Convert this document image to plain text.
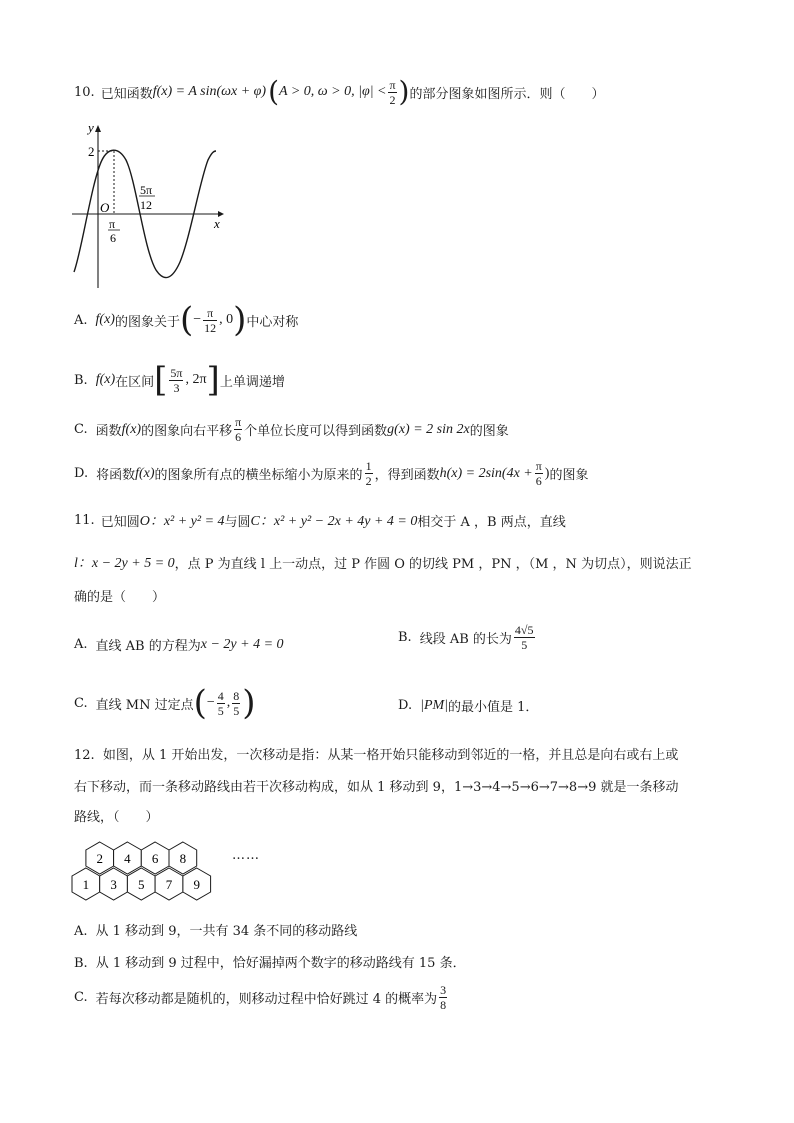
10. 已知函数 f(x) = A sin(ωx + φ) ( A > 0, ω > 0, $|\varphi| < \frac{\pi}{2}$ ) 的部分图象如图所示．则（　　）
y
x
O
2
π
6
5π
12
A. f(x) 的图象关于 ( − $\frac{\pi}{12}$ , 0 ) 中心对称
B. f(x) 在区间 [ $\frac{5\pi}{3}$ , 2π ] 上单调递增
C. 函数 f(x) 的图象向右平移 $\frac{\pi}{6}$ 个单位长度可以得到函数 g(x) = 2 sin 2x 的图象
D. 将函数 f(x) 的图象所有点的横坐标缩小为原来的 $\frac{1}{2}$ ，得到函数 $h(x) = 2\sin(4x + \frac{\pi}{6}$ ) 的图象
11. 已知圆 O：x² + y² = 4 与圆 C：x² + y² − 2x + 4y + 4 = 0 相交于 A ，B 两点，直线
l：x − 2y + 5 = 0 ，点 P 为直线 l 上一动点，过 P 作圆 O 的切线 PM ，PN ，（M ，N 为切点），则说法正
确的是（　　）
A. 直线 AB 的方程为 x − 2y + 4 = 0	B. 线段 AB 的长为 $\frac{4√5}{5}$
C. 直线 MN 过定点 ( − $\frac{4}{5}$ , $\frac{8}{5}$ )	D. |PM| 的最小值是 1．
12. 如图，从 1 开始出发，一次移动是指：从某一格开始只能移动到邻近的一格，并且总是向右或右上或
右下移动，而一条移动路线由若干次移动构成，如从 1 移动到 9，1→3→4→5→6→7→8→9 就是一条移动
路线，（　　）
1 3 5 7 9
2 4 6 8	……
A. 从 1 移动到 9，一共有 34 条不同的移动路线
B. 从 1 移动到 9 过程中，恰好漏掉两个数字的移动路线有 15 条．
C. 若每次移动都是随机的，则移动过程中恰好跳过 4 的概率为 $\frac{3}{8}$
